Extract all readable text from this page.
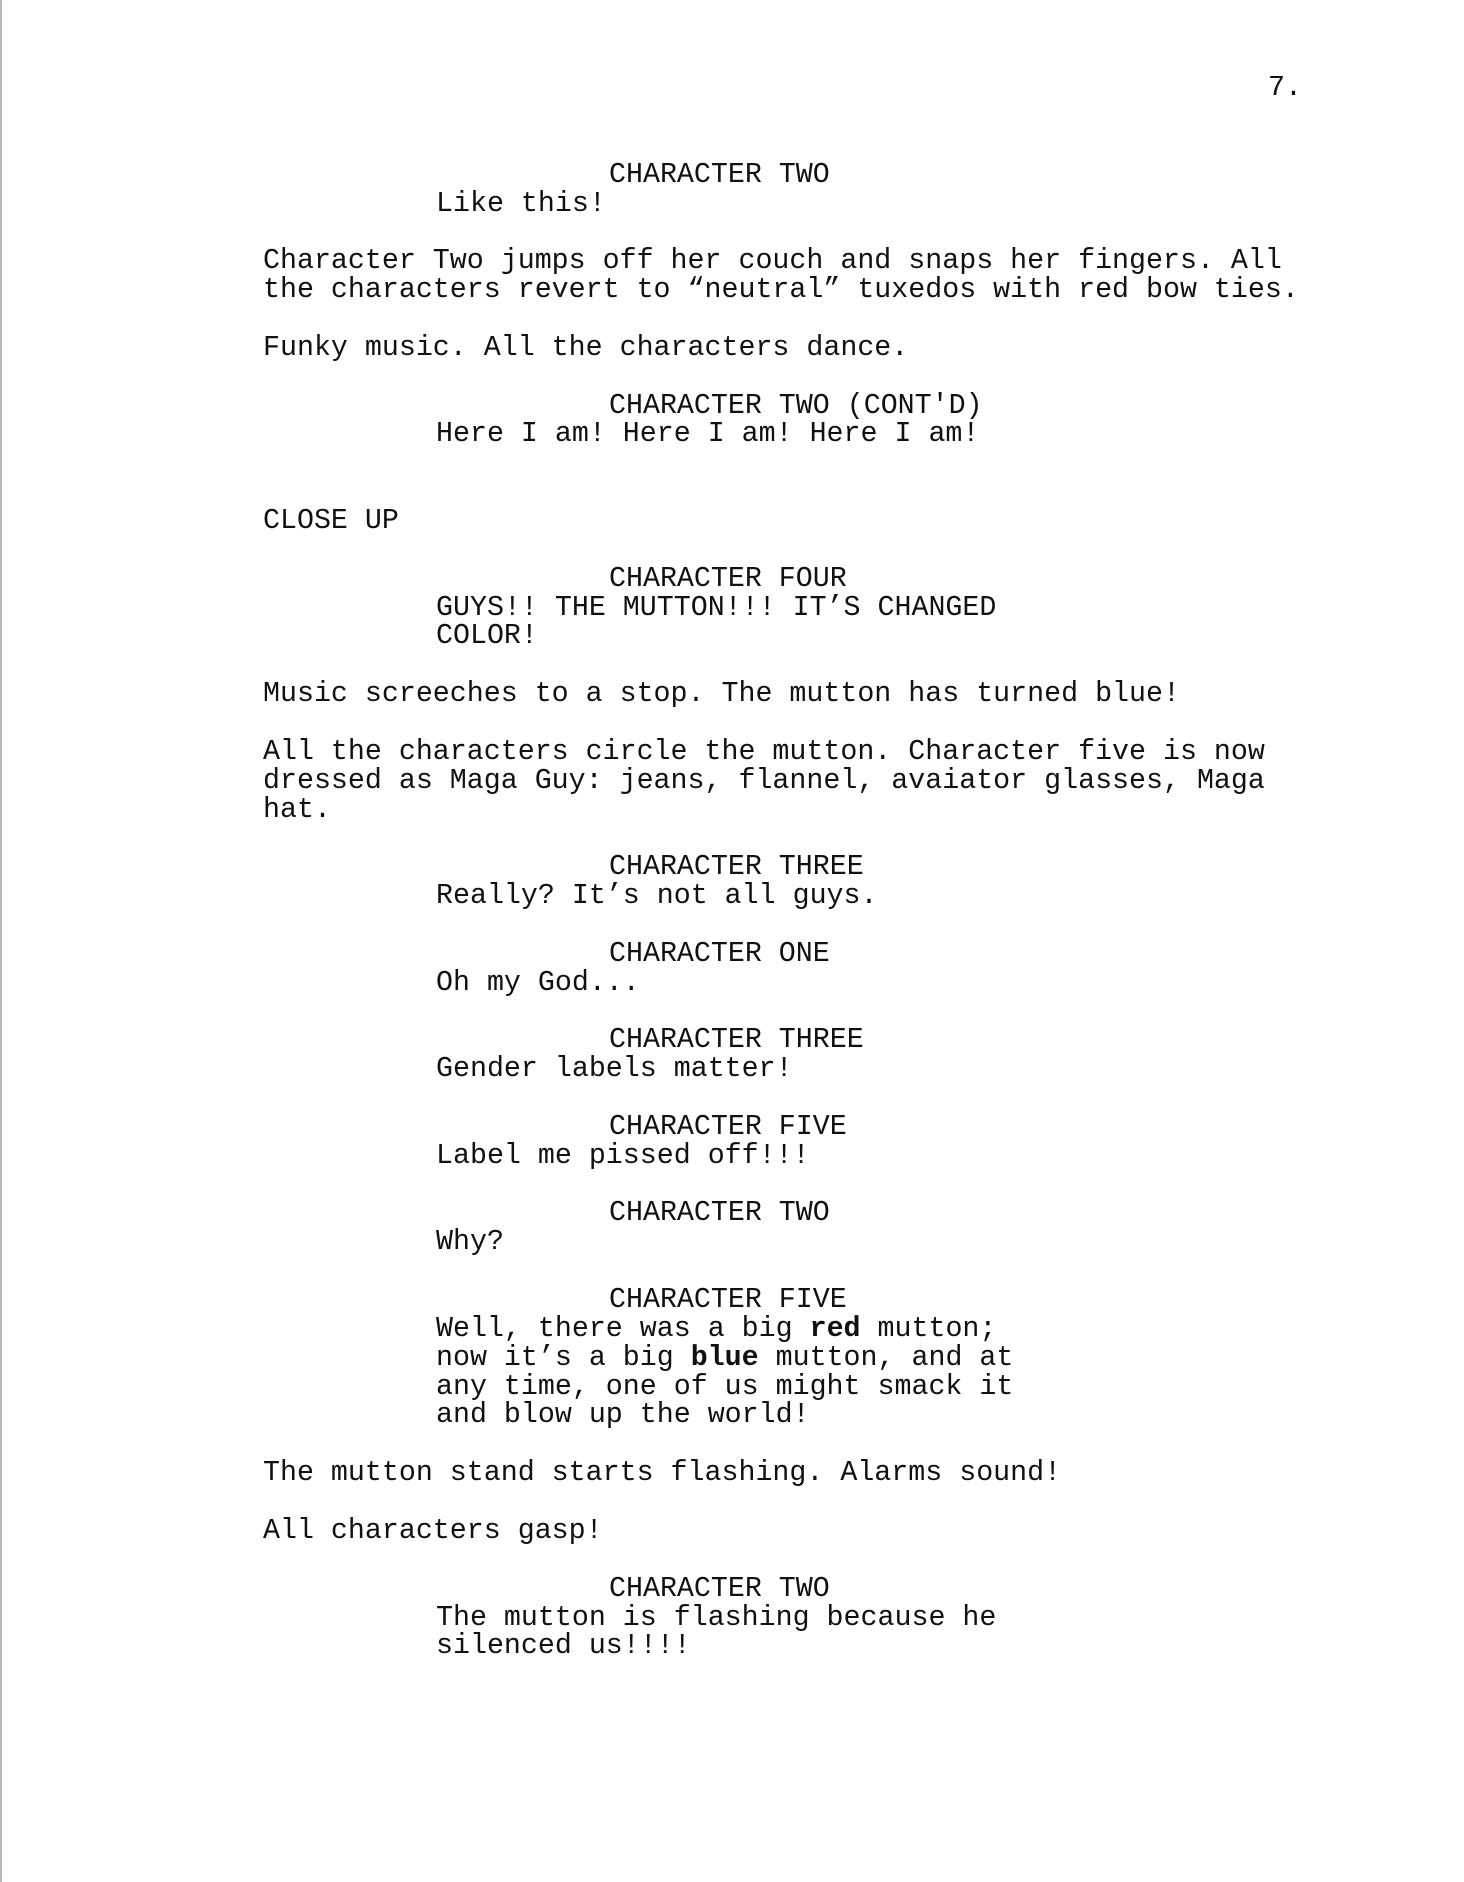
7.
CHARACTER TWO
Like this!
Character Two jumps off her couch and snaps her fingers. All
the characters revert to “neutral” tuxedos with red bow ties.
Funky music. All the characters dance.
CHARACTER TWO (CONT'D)
Here I am! Here I am! Here I am!
CLOSE UP
CHARACTER FOUR
GUYS!! THE MUTTON!!! IT’S CHANGED
COLOR!
Music screeches to a stop. The mutton has turned blue!
All the characters circle the mutton. Character five is now
dressed as Maga Guy: jeans, flannel, avaiator glasses, Maga
hat.
CHARACTER THREE
Really? It’s not all guys.
CHARACTER ONE
Oh my God...
CHARACTER THREE
Gender labels matter!
CHARACTER FIVE
Label me pissed off!!!
CHARACTER TWO
Why?
CHARACTER FIVE
Well, there was a big red mutton;
now it’s a big blue mutton, and at
any time, one of us might smack it
and blow up the world!
The mutton stand starts flashing. Alarms sound!
All characters gasp!
CHARACTER TWO
The mutton is flashing because he
silenced us!!!!
